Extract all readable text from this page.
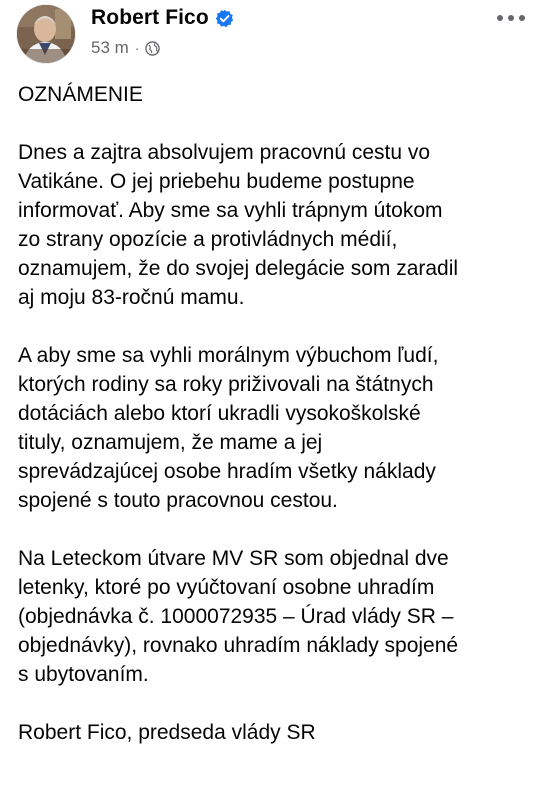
Robert Fico
53 m ·

OZNÁMENIE

Dnes a zajtra absolvujem pracovnú cestu vo
Vatikáne. O jej priebehu budeme postupne
informovať. Aby sme sa vyhli trápnym útokom
zo strany opozície a protivládnych médií,
oznamujem, že do svojej delegácie som zaradil
aj moju 83-ročnú mamu.

A aby sme sa vyhli morálnym výbuchom ľudí,
ktorých rodiny sa roky priživovali na štátnych
dotáciách alebo ktorí ukradli vysokoškolské
tituly, oznamujem, že mame a jej
sprevádzajúcej osobe hradím všetky náklady
spojené s touto pracovnou cestou.

Na Leteckom útvare MV SR som objednal dve
letenky, ktoré po vyúčtovaní osobne uhradím
(objednávka č. 1000072935 – Úrad vlády SR –
objednávky), rovnako uhradím náklady spojené
s ubytovaním.

Robert Fico, predseda vlády SR
